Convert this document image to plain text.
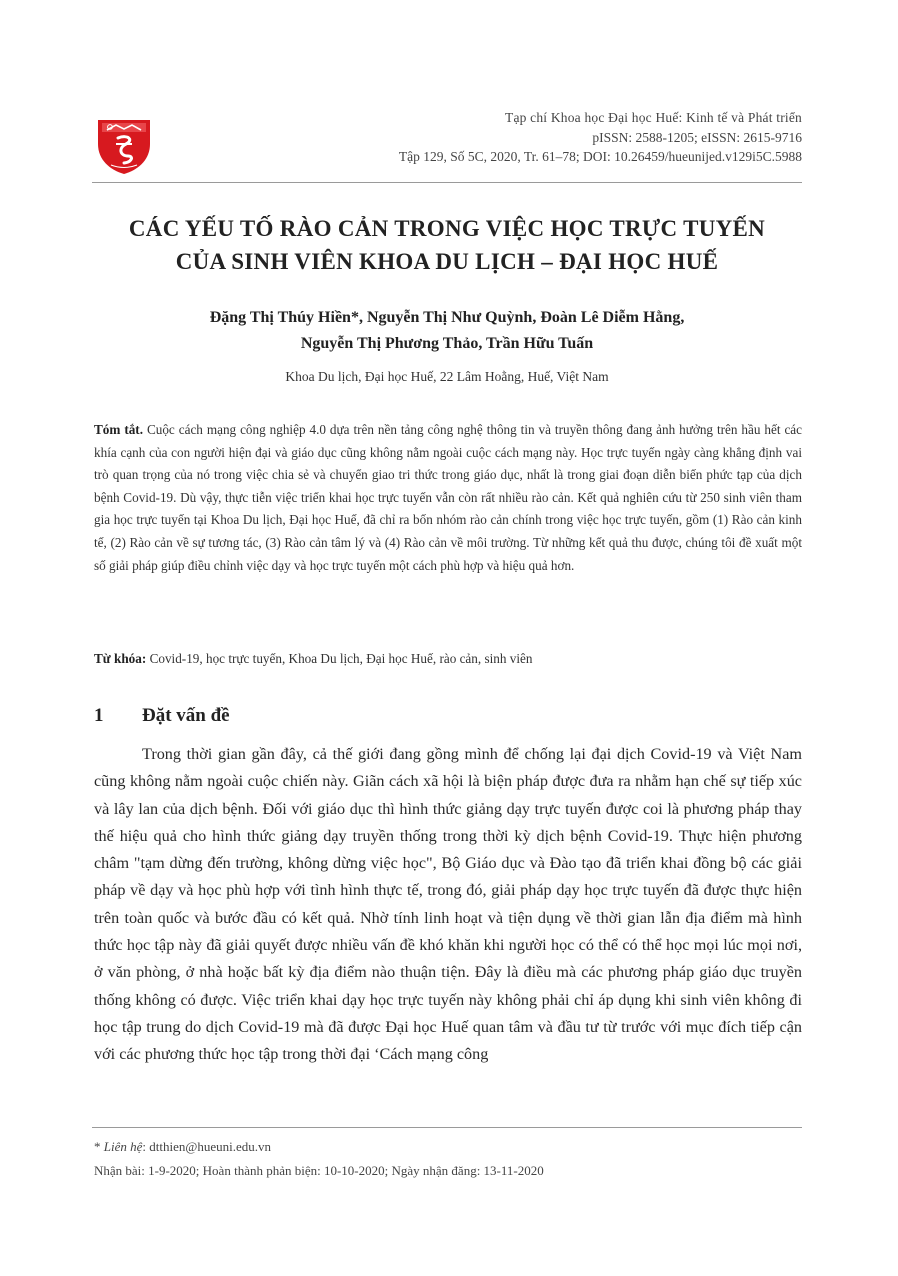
Tạp chí Khoa học Đại học Huế: Kinh tế và Phát triển
pISSN: 2588-1205; eISSN: 2615-9716
Tập 129, Số 5C, 2020, Tr. 61–78; DOI: 10.26459/hueunijed.v129i5C.5988
CÁC YẾU TỐ RÀO CẢN TRONG VIỆC HỌC TRỰC TUYẾN
CỦA SINH VIÊN KHOA DU LỊCH – ĐẠI HỌC HUẾ
Đặng Thị Thúy Hiền*, Nguyễn Thị Như Quỳnh, Đoàn Lê Diễm Hằng,
Nguyễn Thị Phương Thảo, Trần Hữu Tuấn
Khoa Du lịch, Đại học Huế, 22 Lâm Hoằng, Huế, Việt Nam
Tóm tắt. Cuộc cách mạng công nghiệp 4.0 dựa trên nền tảng công nghệ thông tin và truyền thông đang ảnh hưởng trên hầu hết các khía cạnh của con người hiện đại và giáo dục cũng không nằm ngoài cuộc cách mạng này. Học trực tuyến ngày càng khẳng định vai trò quan trọng của nó trong việc chia sẻ và chuyển giao tri thức trong giáo dục, nhất là trong giai đoạn diễn biến phức tạp của dịch bệnh Covid-19. Dù vậy, thực tiễn việc triển khai học trực tuyến vẫn còn rất nhiều rào cản. Kết quả nghiên cứu từ 250 sinh viên tham gia học trực tuyến tại Khoa Du lịch, Đại học Huế, đã chỉ ra bốn nhóm rào cản chính trong việc học trực tuyến, gồm (1) Rào cản kinh tế, (2) Rào cản về sự tương tác, (3) Rào cản tâm lý và (4) Rào cản về môi trường. Từ những kết quả thu được, chúng tôi đề xuất một số giải pháp giúp điều chỉnh việc dạy và học trực tuyến một cách phù hợp và hiệu quả hơn.
Từ khóa: Covid-19, học trực tuyến, Khoa Du lịch, Đại học Huế, rào cản, sinh viên
1 Đặt vấn đề
Trong thời gian gần đây, cả thế giới đang gồng mình để chống lại đại dịch Covid-19 và Việt Nam cũng không nằm ngoài cuộc chiến này. Giãn cách xã hội là biện pháp được đưa ra nhằm hạn chế sự tiếp xúc và lây lan của dịch bệnh. Đối với giáo dục thì hình thức giảng dạy trực tuyến được coi là phương pháp thay thế hiệu quả cho hình thức giảng dạy truyền thống trong thời kỳ dịch bệnh Covid-19. Thực hiện phương châm "tạm dừng đến trường, không dừng việc học", Bộ Giáo dục và Đào tạo đã triển khai đồng bộ các giải pháp về dạy và học phù hợp với tình hình thực tế, trong đó, giải pháp dạy học trực tuyến đã được thực hiện trên toàn quốc và bước đầu có kết quả. Nhờ tính linh hoạt và tiện dụng về thời gian lẫn địa điểm mà hình thức học tập này đã giải quyết được nhiều vấn đề khó khăn khi người học có thể có thể học mọi lúc mọi nơi, ở văn phòng, ở nhà hoặc bất kỳ địa điểm nào thuận tiện. Đây là điều mà các phương pháp giáo dục truyền thống không có được. Việc triển khai dạy học trực tuyến này không phải chỉ áp dụng khi sinh viên không đi học tập trung do dịch Covid-19 mà đã được Đại học Huế quan tâm và đầu tư từ trước với mục đích tiếp cận với các phương thức học tập trong thời đại ‘Cách mạng công
* Liên hệ: dtthien@hueuni.edu.vn
Nhận bài: 1-9-2020; Hoàn thành phản biện: 10-10-2020; Ngày nhận đăng: 13-11-2020
